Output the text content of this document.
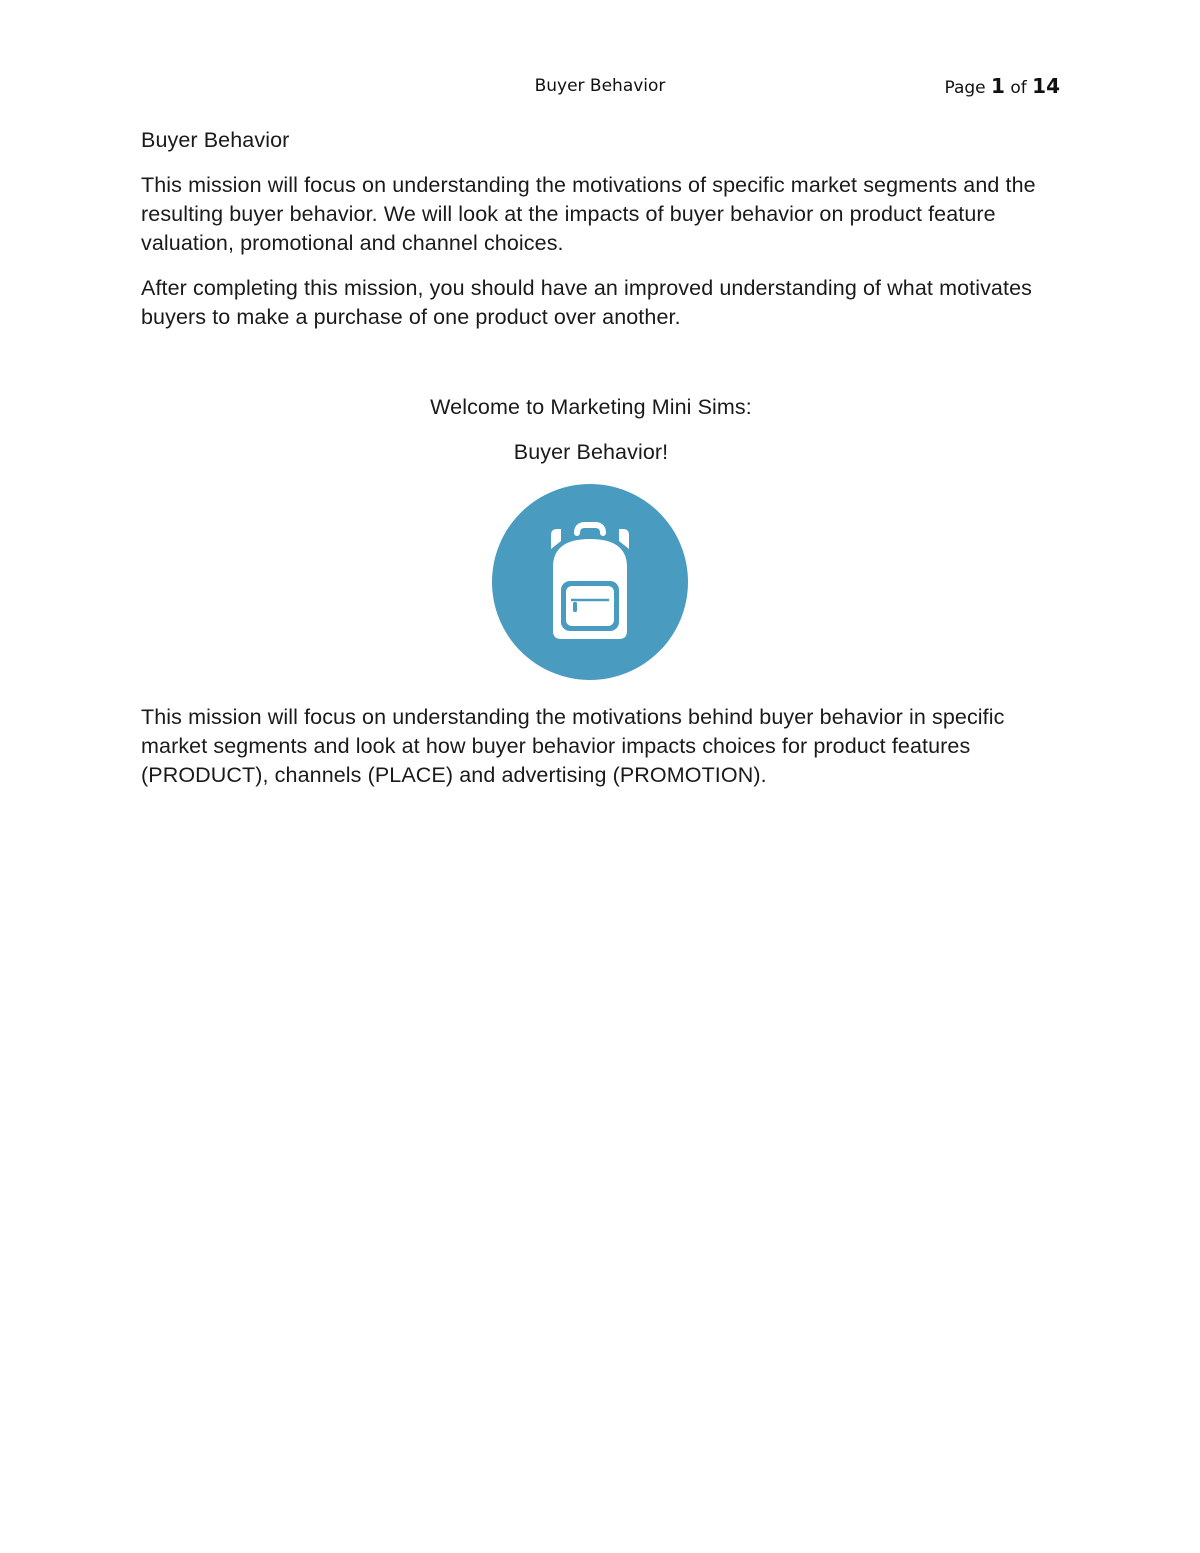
Buyer Behavior	Page 1 of 14

Buyer Behavior

This mission will focus on understanding the motivations of specific market segments and the resulting buyer behavior. We will look at the impacts of buyer behavior on product feature valuation, promotional and channel choices.

After completing this mission, you should have an improved understanding of what motivates buyers to make a purchase of one product over another.

Welcome to Marketing Mini Sims:

Buyer Behavior!

This mission will focus on understanding the motivations behind buyer behavior in specific market segments and look at how buyer behavior impacts choices for product features (PRODUCT), channels (PLACE) and advertising (PROMOTION).
